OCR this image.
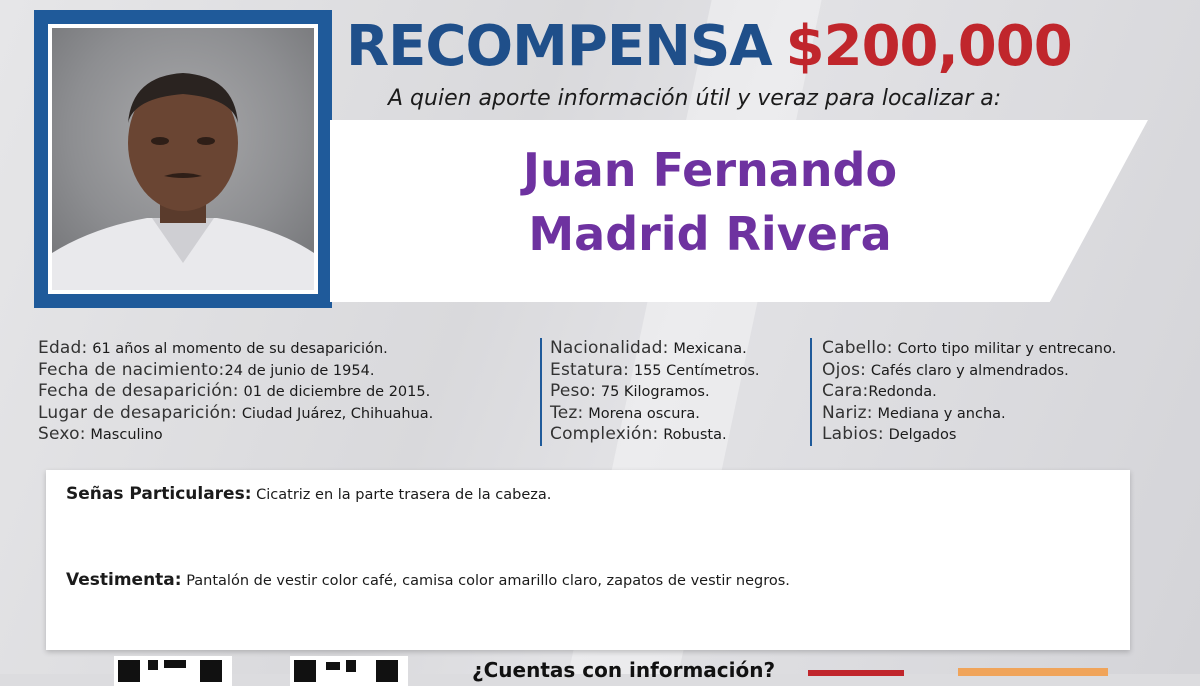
RECOMPENSA $200,000
A quien aporte información útil y veraz para localizar a:
Juan Fernando
Madrid Rivera
Edad: 61 años al momento de su desaparición.
Fecha de nacimiento:24 de junio de 1954.
Fecha de desaparición: 01 de diciembre de 2015.
Lugar de desaparición: Ciudad Juárez, Chihuahua.
Sexo: Masculino
Nacionalidad: Mexicana.
Estatura: 155 Centímetros.
Peso: 75 Kilogramos.
Tez: Morena oscura.
Complexión: Robusta.
Cabello: Corto tipo militar y entrecano.
Ojos: Cafés claro y almendrados.
Cara:Redonda.
Nariz: Mediana y ancha.
Labios: Delgados
Señas Particulares: Cicatriz en la parte trasera de la cabeza.
Vestimenta: Pantalón de vestir color café, camisa color amarillo claro, zapatos de vestir negros.
¿Cuentas con información?
